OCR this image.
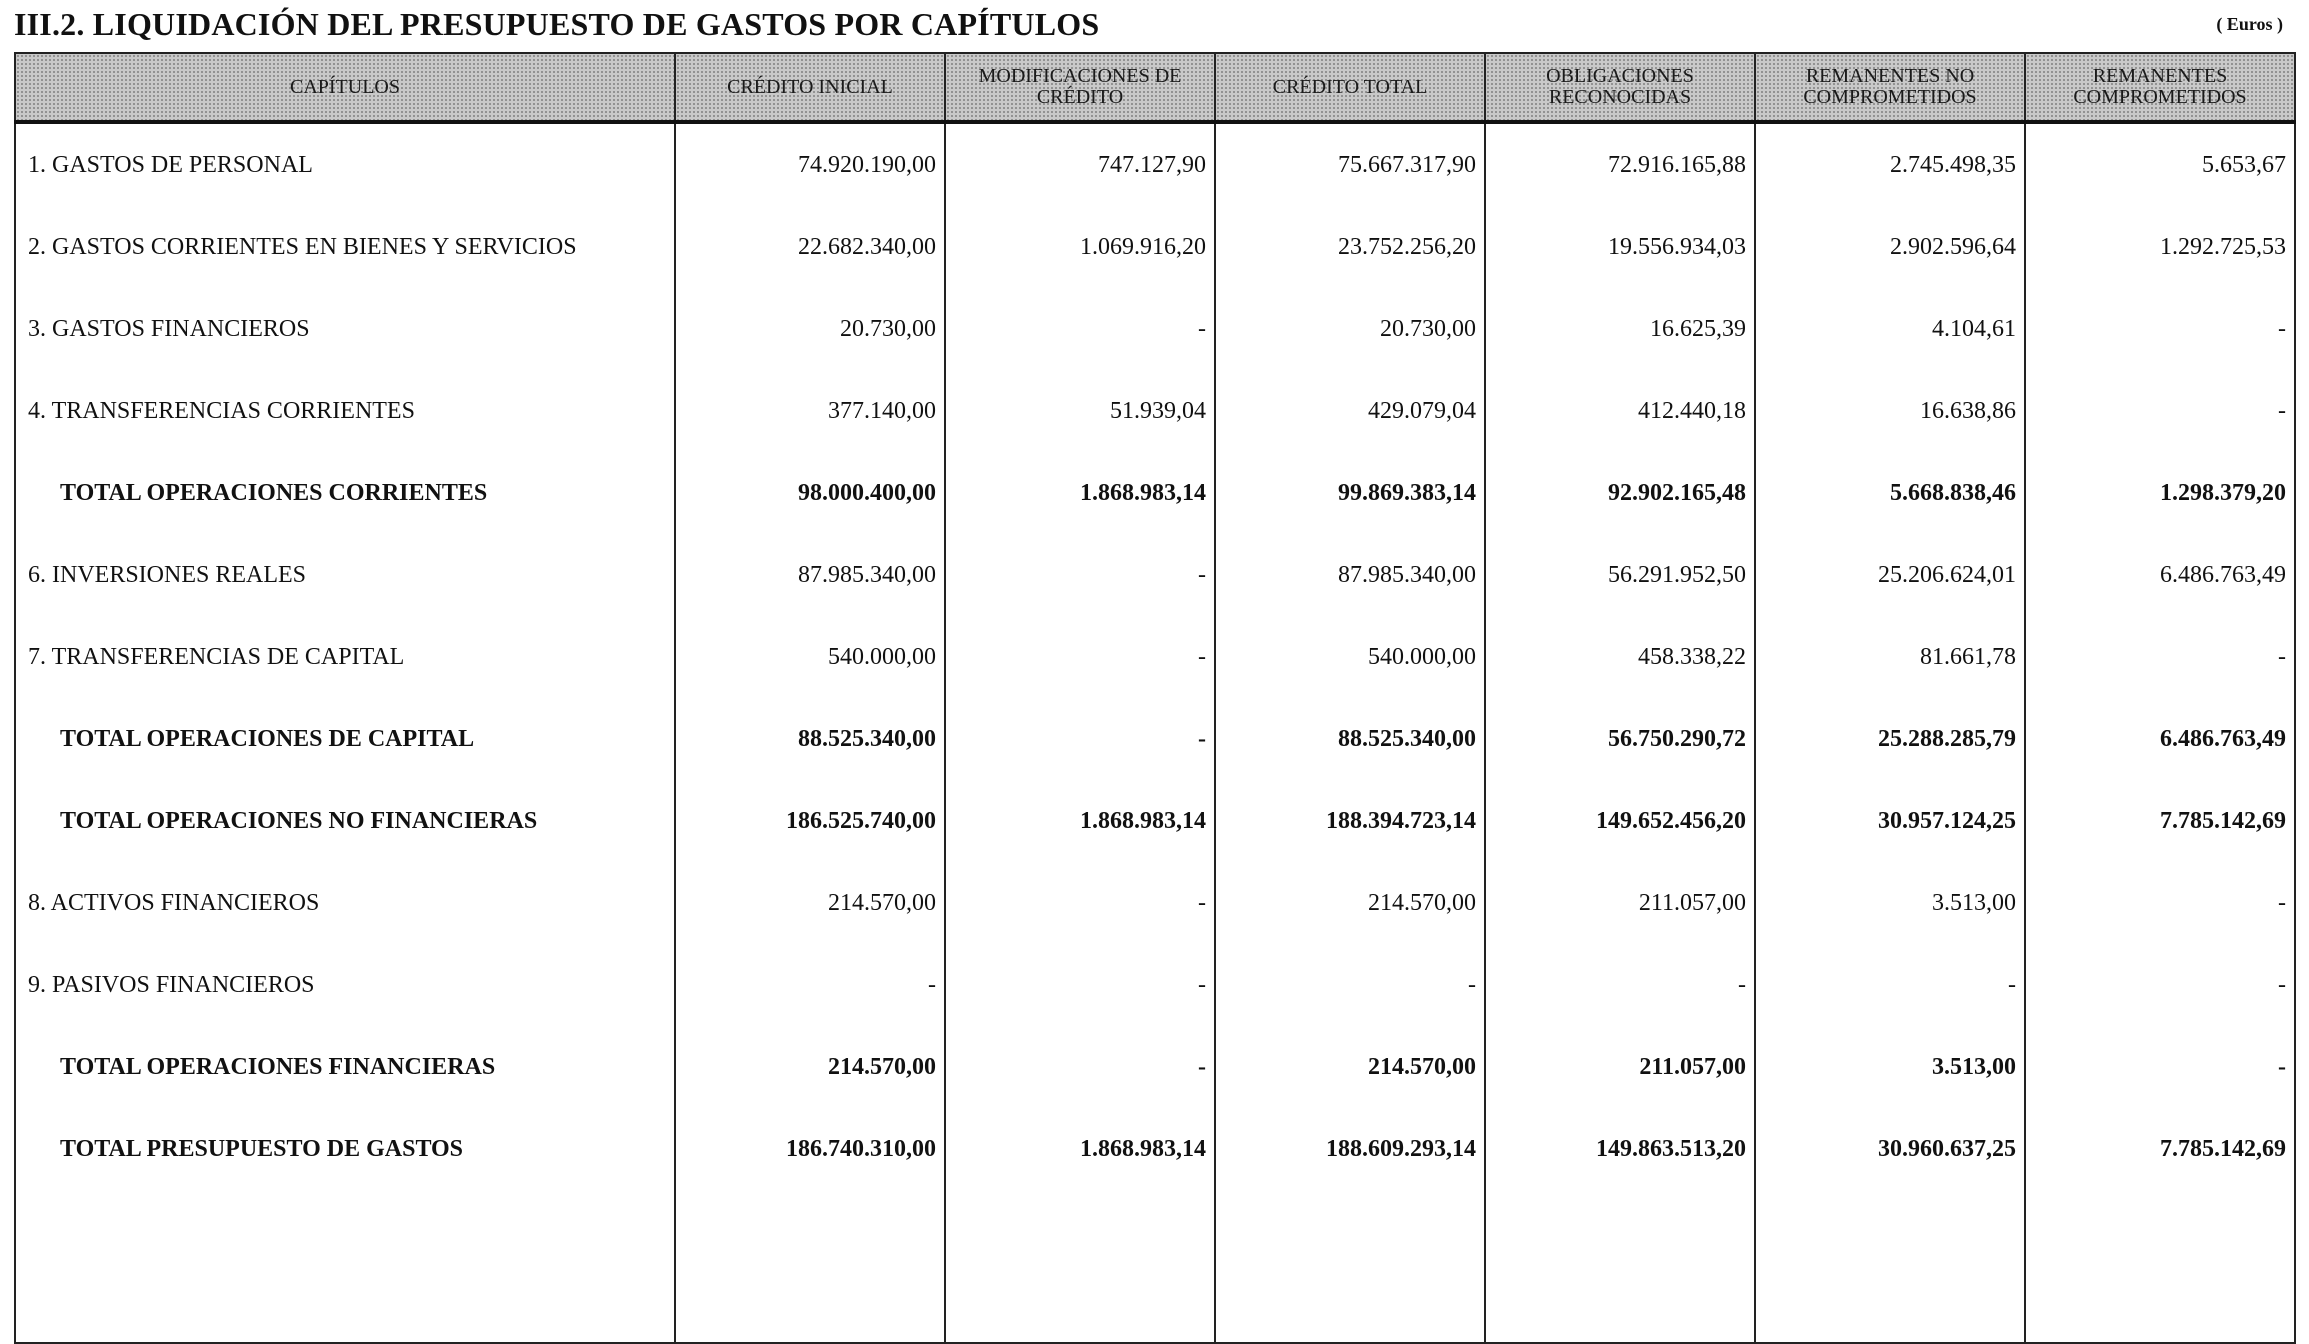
III.2. LIQUIDACIÓN DEL PRESUPUESTO DE GASTOS POR CAPÍTULOS	( Euros )
CAPÍTULOS	CRÉDITO INICIAL	MODIFICACIONES DE CRÉDITO	CRÉDITO TOTAL	OBLIGACIONES RECONOCIDAS	REMANENTES NO COMPROMETIDOS	REMANENTES COMPROMETIDOS
1. GASTOS DE PERSONAL	74.920.190,00	747.127,90	75.667.317,90	72.916.165,88	2.745.498,35	5.653,67
2. GASTOS CORRIENTES EN BIENES Y SERVICIOS	22.682.340,00	1.069.916,20	23.752.256,20	19.556.934,03	2.902.596,64	1.292.725,53
3. GASTOS FINANCIEROS	20.730,00	-	20.730,00	16.625,39	4.104,61	-
4. TRANSFERENCIAS CORRIENTES	377.140,00	51.939,04	429.079,04	412.440,18	16.638,86	-
TOTAL OPERACIONES CORRIENTES	98.000.400,00	1.868.983,14	99.869.383,14	92.902.165,48	5.668.838,46	1.298.379,20
6. INVERSIONES REALES	87.985.340,00	-	87.985.340,00	56.291.952,50	25.206.624,01	6.486.763,49
7. TRANSFERENCIAS DE CAPITAL	540.000,00	-	540.000,00	458.338,22	81.661,78	-
TOTAL OPERACIONES DE CAPITAL	88.525.340,00	-	88.525.340,00	56.750.290,72	25.288.285,79	6.486.763,49
TOTAL OPERACIONES NO FINANCIERAS	186.525.740,00	1.868.983,14	188.394.723,14	149.652.456,20	30.957.124,25	7.785.142,69
8. ACTIVOS FINANCIEROS	214.570,00	-	214.570,00	211.057,00	3.513,00	-
9. PASIVOS FINANCIEROS	-	-	-	-	-	-
TOTAL OPERACIONES FINANCIERAS	214.570,00	-	214.570,00	211.057,00	3.513,00	-
TOTAL PRESUPUESTO DE GASTOS	186.740.310,00	1.868.983,14	188.609.293,14	149.863.513,20	30.960.637,25	7.785.142,69
